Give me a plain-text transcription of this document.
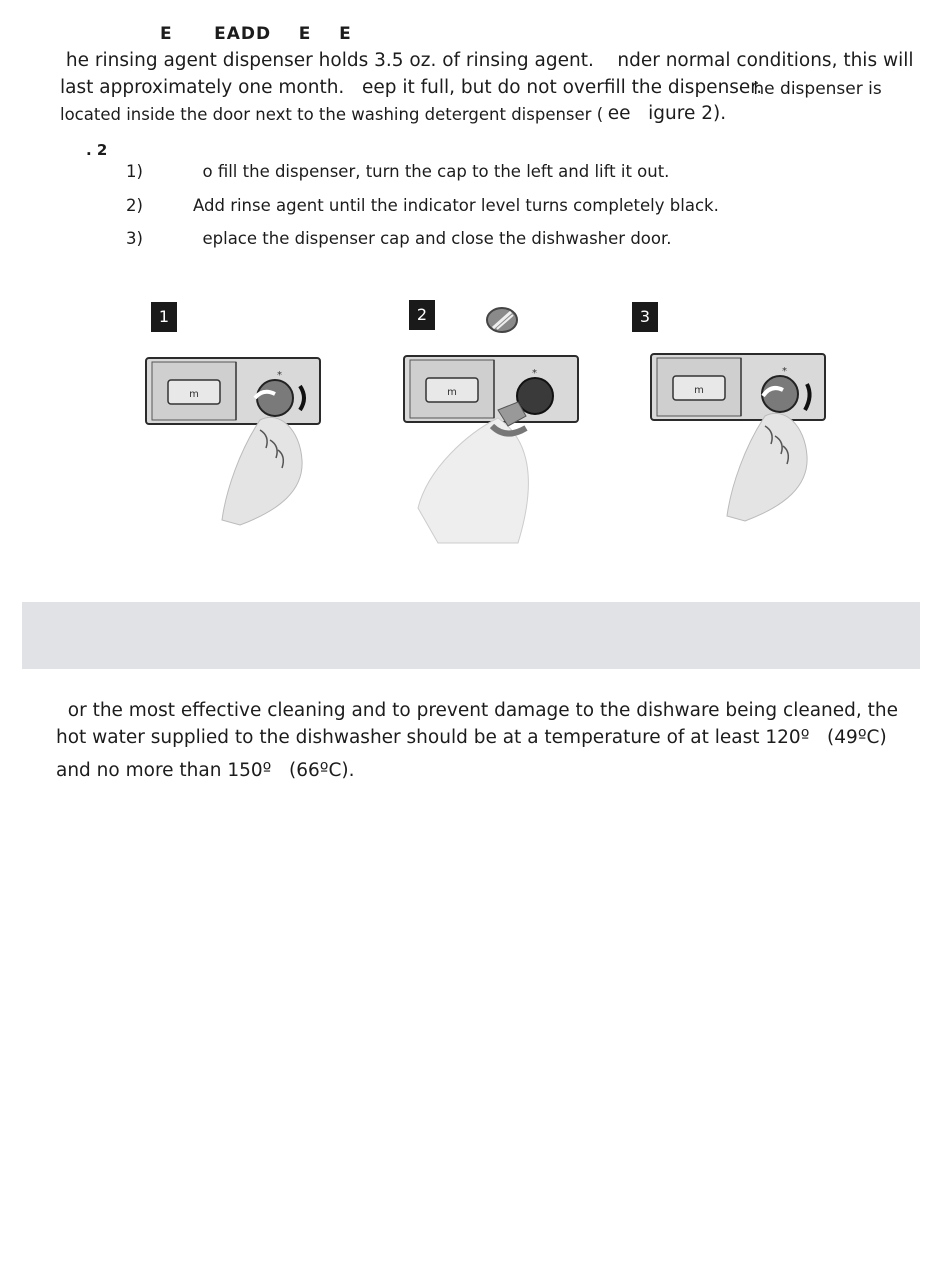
E      EADD    E    E
he rinsing agent dispenser holds 3.5 oz. of rinsing agent.    nder normal conditions, this will
last approximately one month.   eep it full, but do not overfill the dispenser.
he dispenser is
located inside the door next to the washing detergent dispenser (
ee   igure 2).
. 2
1)	o fill the dispenser, turn the cap to the left and lift it out.
2)	Add rinse agent until the indicator level turns completely black.
3)	eplace the dispenser cap and close the dishwasher door.
1	2	3
m
*
m
*
m
*
or the most effective cleaning and to prevent damage to the dishware being cleaned, the
hot water supplied to the dishwasher should be at a temperature of at least 120º   (49ºC)
and no more than 150º   (66ºC).
